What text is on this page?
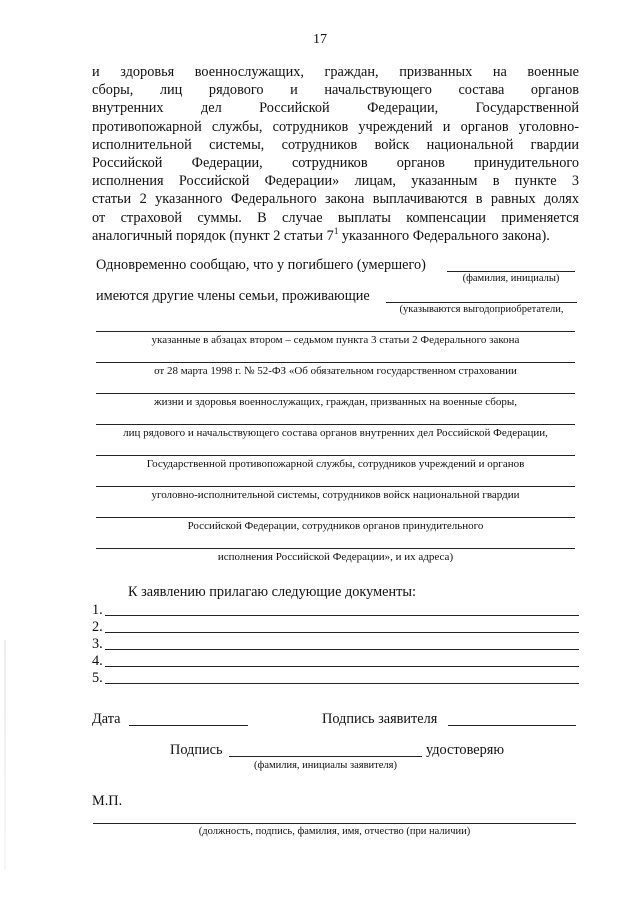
17
и здоровья военнослужащих, граждан, призванных на военные
сборы, лиц рядового и начальствующего состава органов
внутренних дел Российской Федерации, Государственной
противопожарной службы, сотрудников учреждений и органов уголовно-
исполнительной системы, сотрудников войск национальной гвардии
Российской Федерации, сотрудников органов принудительного
исполнения Российской Федерации» лицам, указанным в пункте 3
статьи 2 указанного Федерального закона выплачиваются в равных долях
от страховой суммы. В случае выплаты компенсации применяется
аналогичный порядок (пункт 2 статьи $7^1$ указанного Федерального закона).
Одновременно сообщаю, что у погибшего (умершего)
(фамилия, инициалы)
имеются другие члены семьи, проживающие
(указываются выгодоприобретатели,
указанные в абзацах втором – седьмом пункта 3 статьи 2 Федерального закона
от 28 марта 1998 г. № 52-ФЗ «Об обязательном государственном страховании
жизни и здоровья военнослужащих, граждан, призванных на военные сборы,
лиц рядового и начальствующего состава органов внутренних дел Российской Федерации,
Государственной противопожарной службы, сотрудников учреждений и органов
уголовно-исполнительной системы, сотрудников войск национальной гвардии
Российской Федерации, сотрудников органов принудительного
исполнения Российской Федерации», и их адреса)
К заявлению прилагаю следующие документы:
1.
2.
3.
4.
5.
Дата	Подпись заявителя
Подпись	удостоверяю
(фамилия, инициалы заявителя)
М.П.
(должность, подпись, фамилия, имя, отчество (при наличии)
